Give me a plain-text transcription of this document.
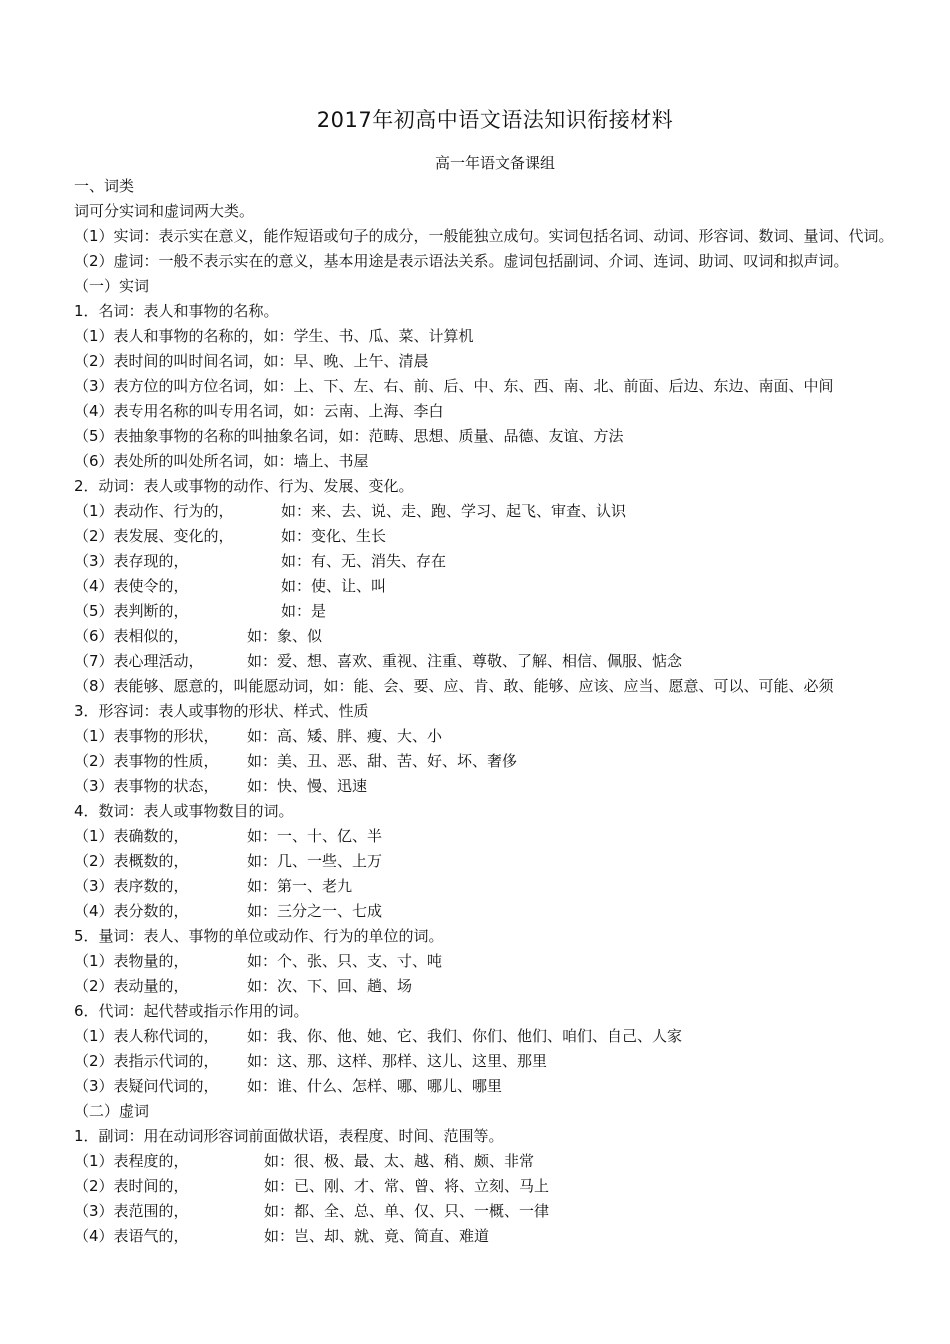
2017年初高中语文语法知识衔接材料
高一年语文备课组
一、词类
词可分实词和虚词两大类。
（1）实词：表示实在意义，能作短语或句子的成分，一般能独立成句。实词包括名词、动词、形容词、数词、量词、代词。
（2）虚词：一般不表示实在的意义，基本用途是表示语法关系。虚词包括副词、介词、连词、助词、叹词和拟声词。
（一）实词
1．名词：表人和事物的名称。
（1）表人和事物的名称的，如：学生、书、瓜、菜、计算机
（2）表时间的叫时间名词，如：早、晚、上午、清晨
（3）表方位的叫方位名词，如：上、下、左、右、前、后、中、东、西、南、北、前面、后边、东边、南面、中间
（4）表专用名称的叫专用名词，如：云南、上海、李白
（5）表抽象事物的名称的叫抽象名词，如：范畴、思想、质量、品德、友谊、方法
（6）表处所的叫处所名词，如：墙上、书屋
2．动词：表人或事物的动作、行为、发展、变化。
（1）表动作、行为的，	如：来、去、说、走、跑、学习、起飞、审查、认识
（2）表发展、变化的，	如：变化、生长
（3）表存现的，	如：有、无、消失、存在
（4）表使令的，	如：使、让、叫
（5）表判断的，	如：是
（6）表相似的，	如：象、似
（7）表心理活动，	如：爱、想、喜欢、重视、注重、尊敬、了解、相信、佩服、惦念
（8）表能够、愿意的，叫能愿动词，如：能、会、要、应、肯、敢、能够、应该、应当、愿意、可以、可能、必须
3．形容词：表人或事物的形状、样式、性质
（1）表事物的形状， 如：高、矮、胖、瘦、大、小
（2）表事物的性质， 如：美、丑、恶、甜、苦、好、坏、奢侈
（3）表事物的状态， 如：快、慢、迅速
4．数词：表人或事物数目的词。
（1）表确数的，	如：一、十、亿、半
（2）表概数的，	如：几、一些、上万
（3）表序数的，	如：第一、老九
（4）表分数的，	如：三分之一、七成
5．量词：表人、事物的单位或动作、行为的单位的词。
（1）表物量的，	如：个、张、只、支、寸、吨
（2）表动量的，	如：次、下、回、趟、场
6．代词：起代替或指示作用的词。
（1）表人称代词的， 如：我、你、他、她、它、我们、你们、他们、咱们、自己、人家
（2）表指示代词的， 如：这、那、这样、那样、这儿、这里、那里
（3）表疑问代词的， 如：谁、什么、怎样、哪、哪儿、哪里
（二）虚词
1．副词：用在动词形容词前面做状语，表程度、时间、范围等。
（1）表程度的，	如：很、极、最、太、越、稍、颇、非常
（2）表时间的，	如：已、刚、才、常、曾、将、立刻、马上
（3）表范围的，	如：都、全、总、单、仅、只、一概、一律
（4）表语气的，	如：岂、却、就、竟、简直、难道
